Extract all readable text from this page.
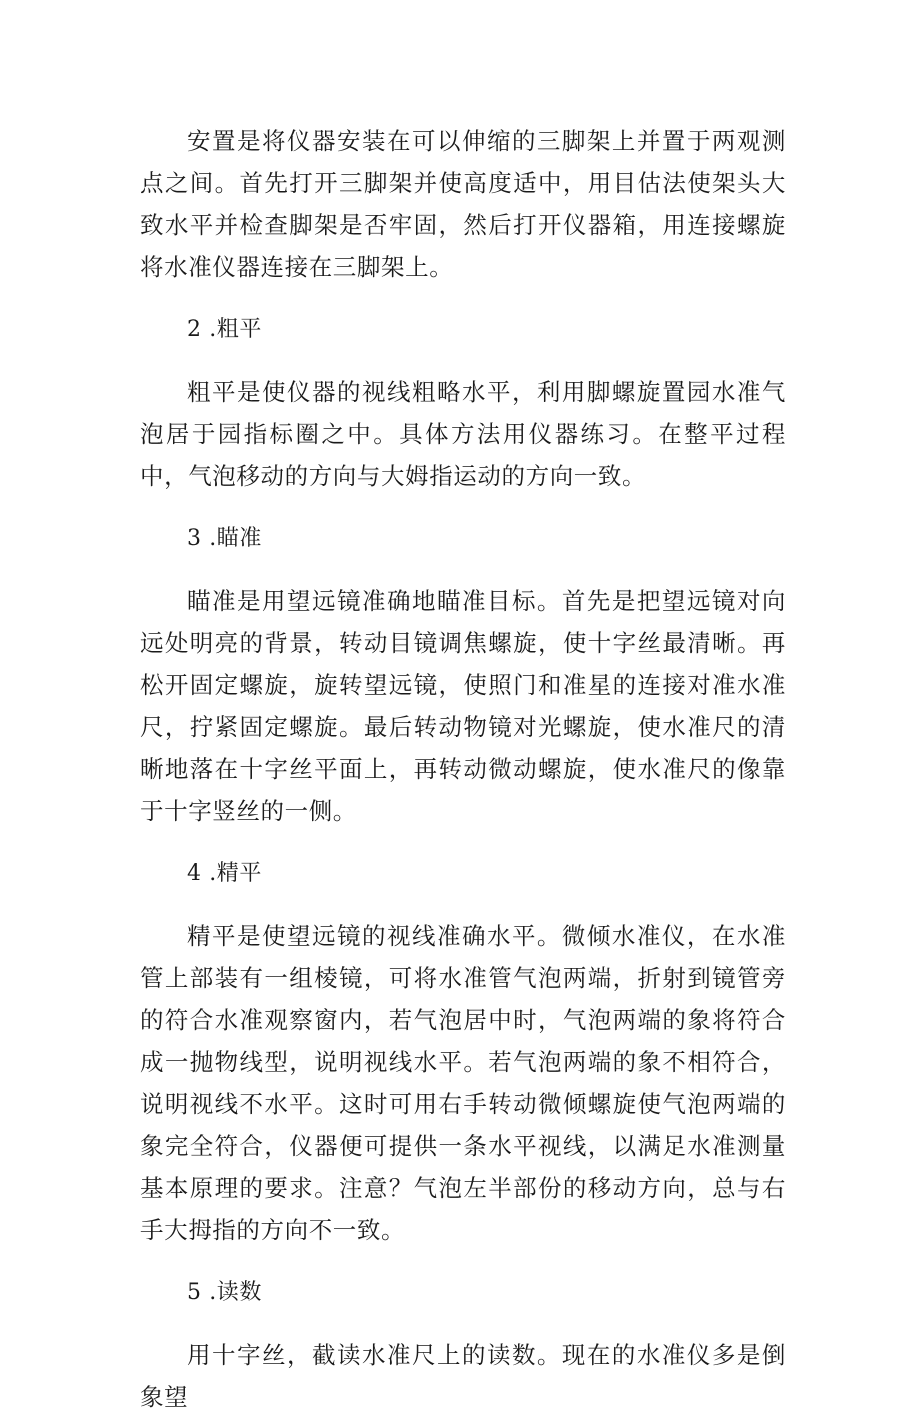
安置是将仪器安装在可以伸缩的三脚架上并置于两观测点之间。首先打开三脚架并使高度适中，用目估法使架头大致水平并检查脚架是否牢固，然后打开仪器箱，用连接螺旋将水准仪器连接在三脚架上。

2 .粗平

粗平是使仪器的视线粗略水平，利用脚螺旋置园水准气泡居于园指标圈之中。具体方法用仪器练习。在整平过程中，气泡移动的方向与大姆指运动的方向一致。

3 .瞄准

瞄准是用望远镜准确地瞄准目标。首先是把望远镜对向远处明亮的背景，转动目镜调焦螺旋，使十字丝最清晰。再松开固定螺旋，旋转望远镜，使照门和准星的连接对准水准尺，拧紧固定螺旋。最后转动物镜对光螺旋，使水准尺的清晰地落在十字丝平面上，再转动微动螺旋，使水准尺的像靠于十字竖丝的一侧。

4 .精平

精平是使望远镜的视线准确水平。微倾水准仪，在水准管上部装有一组棱镜，可将水准管气泡两端，折射到镜管旁的符合水准观察窗内，若气泡居中时，气泡两端的象将符合成一抛物线型，说明视线水平。若气泡两端的象不相符合，说明视线不水平。这时可用右手转动微倾螺旋使气泡两端的象完全符合，仪器便可提供一条水平视线，以满足水准测量基本原理的要求。注意？气泡左半部份的移动方向，总与右手大拇指的方向不一致。

5 .读数

用十字丝，截读水准尺上的读数。现在的水准仪多是倒象望
